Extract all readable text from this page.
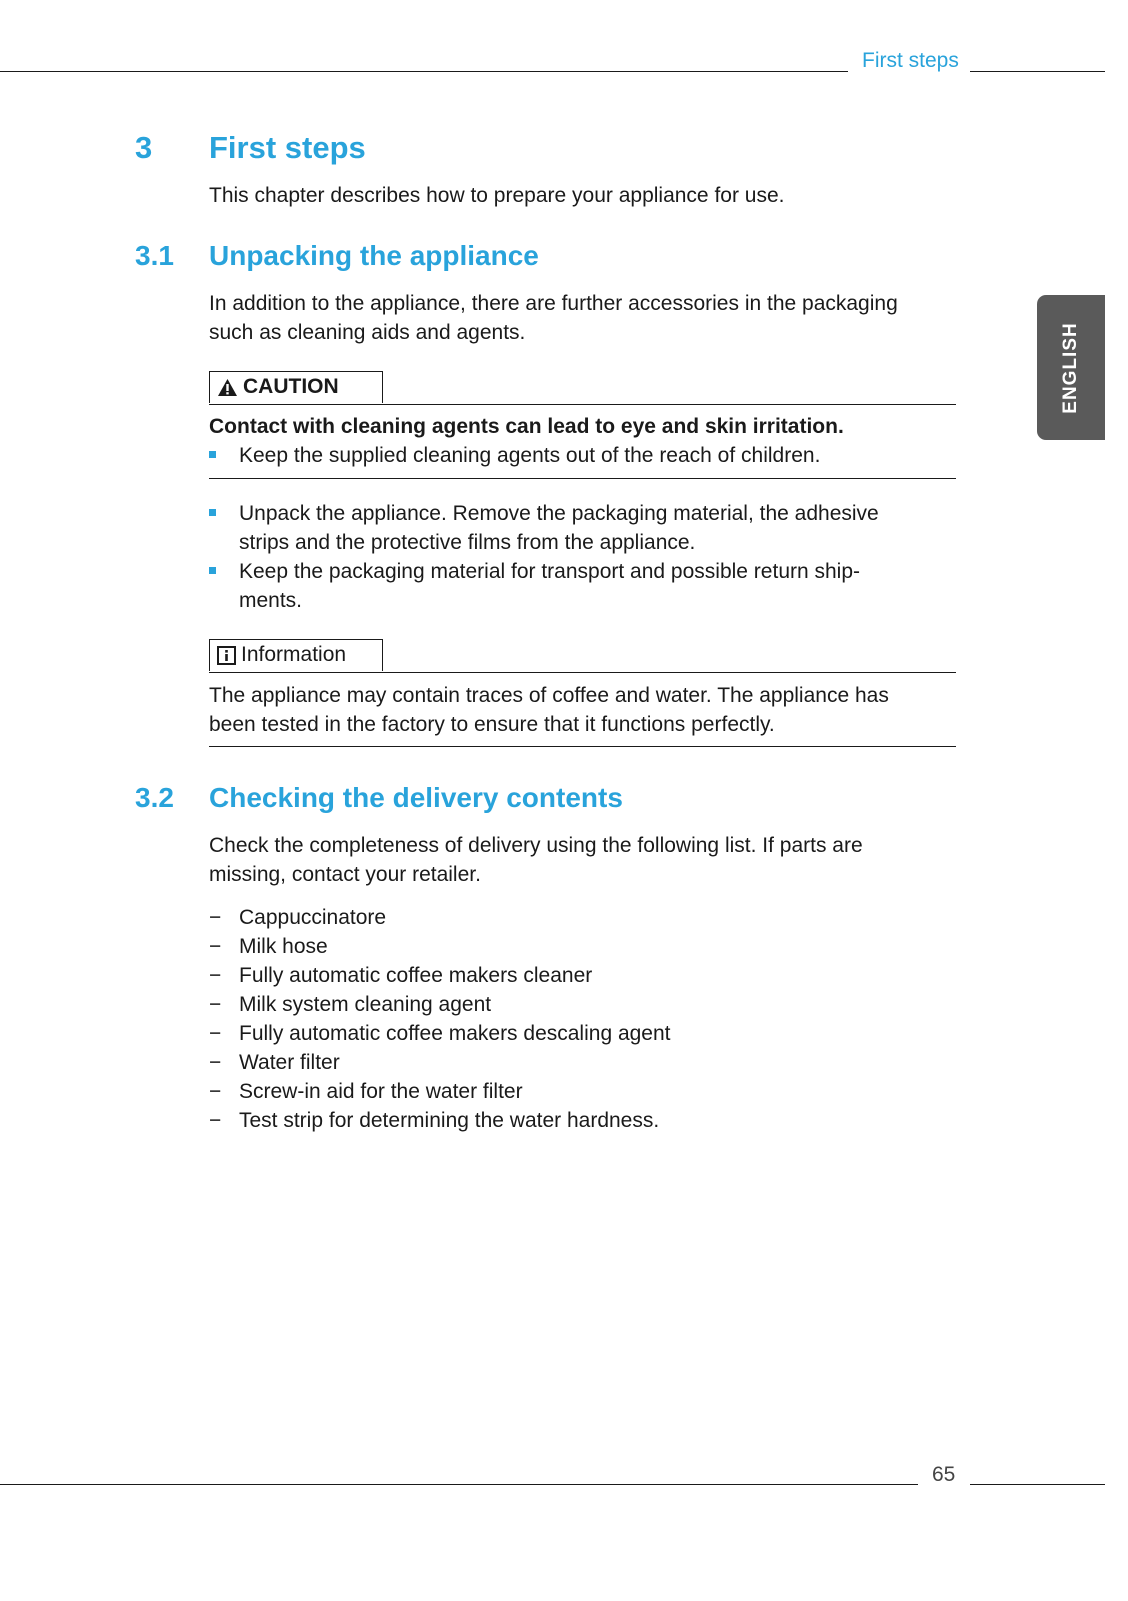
First steps
ENGLISH
3 First steps
This chapter describes how to prepare your appliance for use.
3.1 Unpacking the appliance
In addition to the appliance, there are further accessories in the packaging
such as cleaning aids and agents.
CAUTION
Contact with cleaning agents can lead to eye and skin irritation.
Keep the supplied cleaning agents out of the reach of children.
Unpack the appliance. Remove the packaging material, the adhesive
strips and the protective films from the appliance.
Keep the packaging material for transport and possible return ship-
ments.
Information
The appliance may contain traces of coffee and water. The appliance has
been tested in the factory to ensure that it functions perfectly.
3.2 Checking the delivery contents
Check the completeness of delivery using the following list. If parts are
missing, contact your retailer.
− Cappuccinatore
− Milk hose
− Fully automatic coffee makers cleaner
− Milk system cleaning agent
− Fully automatic coffee makers descaling agent
− Water filter
− Screw-in aid for the water filter
− Test strip for determining the water hardness.
65
